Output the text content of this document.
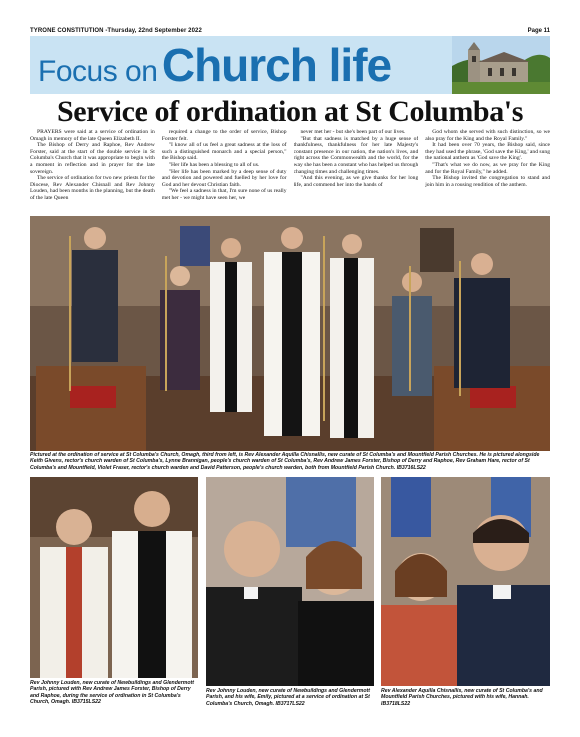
TYRONE CONSTITUTION -Thursday, 22nd September 2022	Page 11
Focus on Church life
Service of ordination at St Columba's

PRAYERS were said at a service of ordination in Omagh in memory of the late Queen Elizabeth II.

The Bishop of Derry and Raphoe, Rev Andrew Forster, said at the start of the double service in St Columba's Church that it was appropriate to begin with a moment in reflection and in prayer for the late sovereign.

The service of ordination for two new priests for the Diocese, Rev Alexander Chisnall and Rev Johnny Louden, had been months in the planning, but the death of the late Queen

required a change to the order of service, Bishop Forster felt.

"I know all of us feel a great sadness at the loss of such a distinguished monarch and a special person," the Bishop said.

"Her life has been a blessing to all of us.

"Her life has been marked by a deep sense of duty and devotion and powered and fuelled by her love for God and her devout Christian faith.

"We feel a sadness in that, I'm sure none of us really met her - we might have seen her, we

never met her - but she's been part of our lives.

"But that sadness is matched by a huge sense of thankfulness, thankfulness for her late Majesty's constant presence in our nation, the nation's lives, and right across the Commonwealth and the world, for the way she has been a constant who has helped us through changing times and challenging times.

"And this evening, as we give thanks for her long life, and commend her into the hands of

God whom she served with such distinction, so we also pray for the King and the Royal Family."

It had been over 70 years, the Bishop said, since they had used the phrase, 'God save the King,' and sung the national anthem as 'God save the King'.

"That's what we do now, as we pray for the King and for the Royal Family," he added.

The Bishop invited the congregation to stand and join him in a rousing rendition of the anthem.

Pictured at the ordination of service at St Columba's Church, Omagh, third from left, is Rev Alexander Aquilla Chisnallis, new curate of St Columba's and Mountfield Parish Churches. He is pictured alongside Keith Givens, rector's church warden of St Columba's, Lynne Brannigan, people's church warden of St Columba's, Rev Andrew James Forster, Bishop of Derry and Raphoe, Rev Graham Hare, rector of St Columba's and Mountfield, Violet Fraser, rector's church warden and David Patterson, people's church warden, both from Mountfield Parish Church. IB3716LS22
Rev Johnny Louden, new curate of Newbuildings and Glendermott Parish, pictured with Rev Andrew James Forster, Bishop of Derry and Raphoe, during the service of ordination in St Columba's Church, Omagh. IB3715LS22
Rev Johnny Louden, new curate of Newbuildings and Glendermott Parish, and his wife, Emily, pictured at a service of ordination at St Columba's Church, Omagh. IB3717LS22
Rev Alexander Aquilla Chisnallis, new curate of St Columba's and Mountfield Parish Churches, pictured with his wife, Hannah. IB3718LS22
